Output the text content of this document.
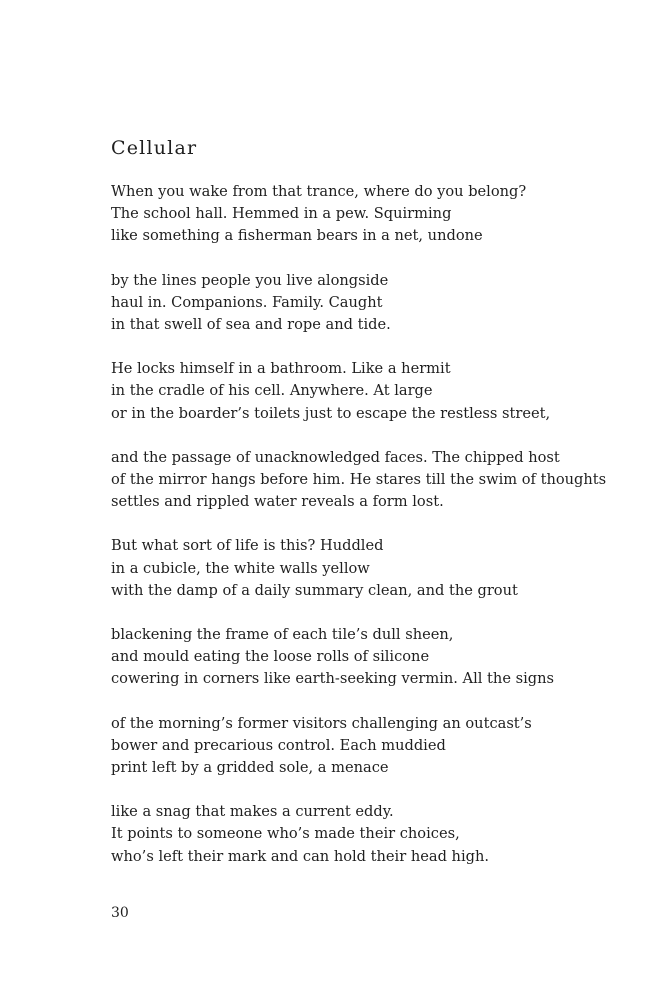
Cellular
When you wake from that trance, where do you belong?
The school hall. Hemmed in a pew. Squirming
like something a fisherman bears in a net, undone
by the lines people you live alongside
haul in. Companions. Family. Caught
in that swell of sea and rope and tide.
He locks himself in a bathroom. Like a hermit
in the cradle of his cell. Anywhere. At large
or in the boarder’s toilets just to escape the restless street,
and the passage of unacknowledged faces. The chipped host
of the mirror hangs before him. He stares till the swim of thoughts
settles and rippled water reveals a form lost.
But what sort of life is this? Huddled
in a cubicle, the white walls yellow
with the damp of a daily summary clean, and the grout
blackening the frame of each tile’s dull sheen,
and mould eating the loose rolls of silicone
cowering in corners like earth-seeking vermin. All the signs
of the morning’s former visitors challenging an outcast’s
bower and precarious control. Each muddied
print left by a gridded sole, a menace
like a snag that makes a current eddy.
It points to someone who’s made their choices,
who’s left their mark and can hold their head high.
30
